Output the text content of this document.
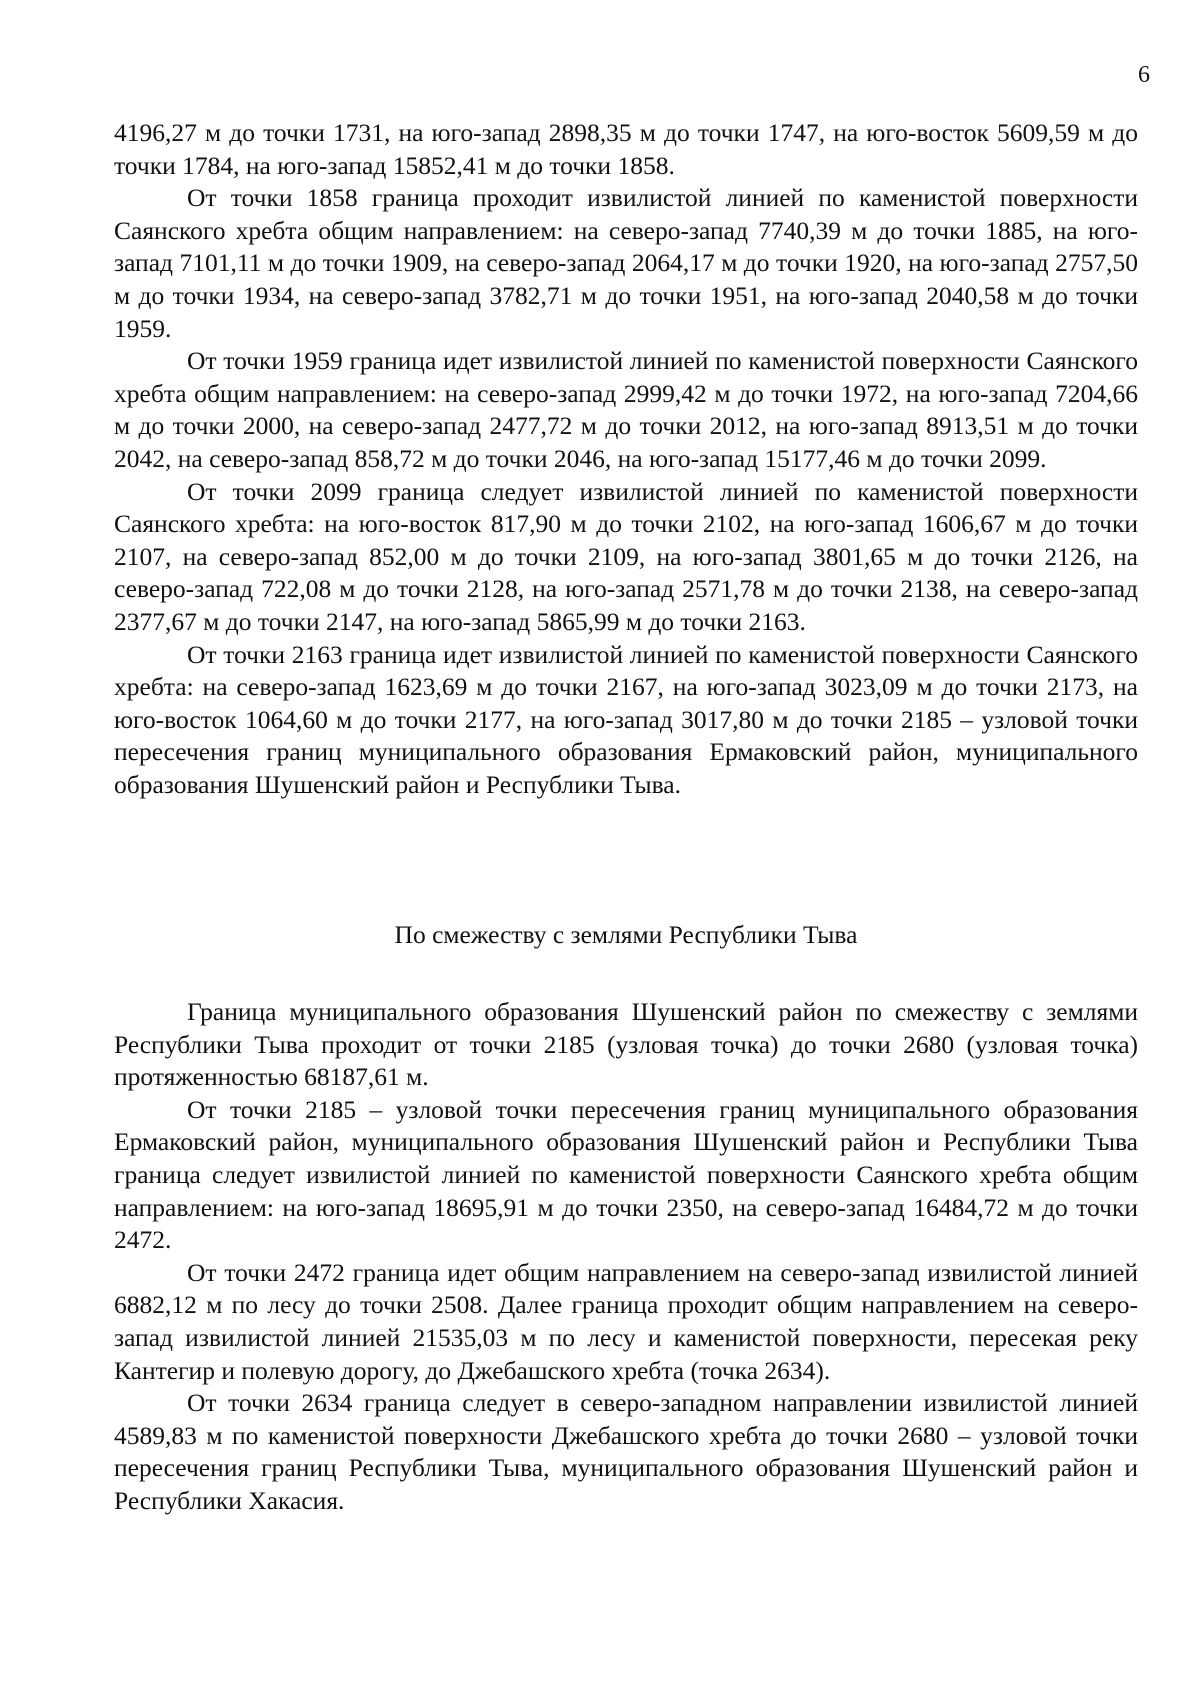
6

4196,27 м до точки 1731, на юго-запад 2898,35 м до точки 1747, на юго-восток 5609,59 м до точки 1784, на юго-запад 15852,41 м до точки 1858.

От точки 1858 граница проходит извилистой линией по каменистой поверхности Саянского хребта общим направлением: на северо-запад 7740,39 м до точки 1885, на юго-запад 7101,11 м до точки 1909, на северо-запад 2064,17 м до точки 1920, на юго-запад 2757,50 м до точки 1934, на северо-запад 3782,71 м до точки 1951, на юго-запад 2040,58 м до точки 1959.

От точки 1959 граница идет извилистой линией по каменистой поверхности Саянского хребта общим направлением: на северо-запад 2999,42 м до точки 1972, на юго-запад 7204,66 м до точки 2000, на северо-запад 2477,72 м до точки 2012, на юго-запад 8913,51 м до точки 2042, на северо-запад 858,72 м до точки 2046, на юго-запад 15177,46 м до точки 2099.

От точки 2099 граница следует извилистой линией по каменистой поверхности Саянского хребта: на юго-восток 817,90 м до точки 2102, на юго-запад 1606,67 м до точки 2107, на северо-запад 852,00 м до точки 2109, на юго-запад 3801,65 м до точки 2126, на северо-запад 722,08 м до точки 2128, на юго-запад 2571,78 м до точки 2138, на северо-запад 2377,67 м до точки 2147, на юго-запад 5865,99 м до точки 2163.

От точки 2163 граница идет извилистой линией по каменистой поверхности Саянского хребта: на северо-запад 1623,69 м до точки 2167, на юго-запад 3023,09 м до точки 2173, на юго-восток 1064,60 м до точки 2177, на юго-запад 3017,80 м до точки 2185 – узловой точки пересечения границ муниципального образования Ермаковский район, муниципального образования Шушенский район и Республики Тыва.

По смежеству с землями Республики Тыва

Граница муниципального образования Шушенский район по смежеству с землями Республики Тыва проходит от точки 2185 (узловая точка) до точки 2680 (узловая точка) протяженностью 68187,61 м.

От точки 2185 – узловой точки пересечения границ муниципального образования Ермаковский район, муниципального образования Шушенский район и Республики Тыва граница следует извилистой линией по каменистой поверхности Саянского хребта общим направлением: на юго-запад 18695,91 м до точки 2350, на северо-запад 16484,72 м до точки 2472.

От точки 2472 граница идет общим направлением на северо-запад извилистой линией 6882,12 м по лесу до точки 2508. Далее граница проходит общим направлением на северо-запад извилистой линией 21535,03 м по лесу и каменистой поверхности, пересекая реку Кантегир и полевую дорогу, до Джебашского хребта (точка 2634).

От точки 2634 граница следует в северо-западном направлении извилистой линией 4589,83 м по каменистой поверхности Джебашского хребта до точки 2680 – узловой точки пересечения границ Республики Тыва, муниципального образования Шушенский район и Республики Хакасия.
